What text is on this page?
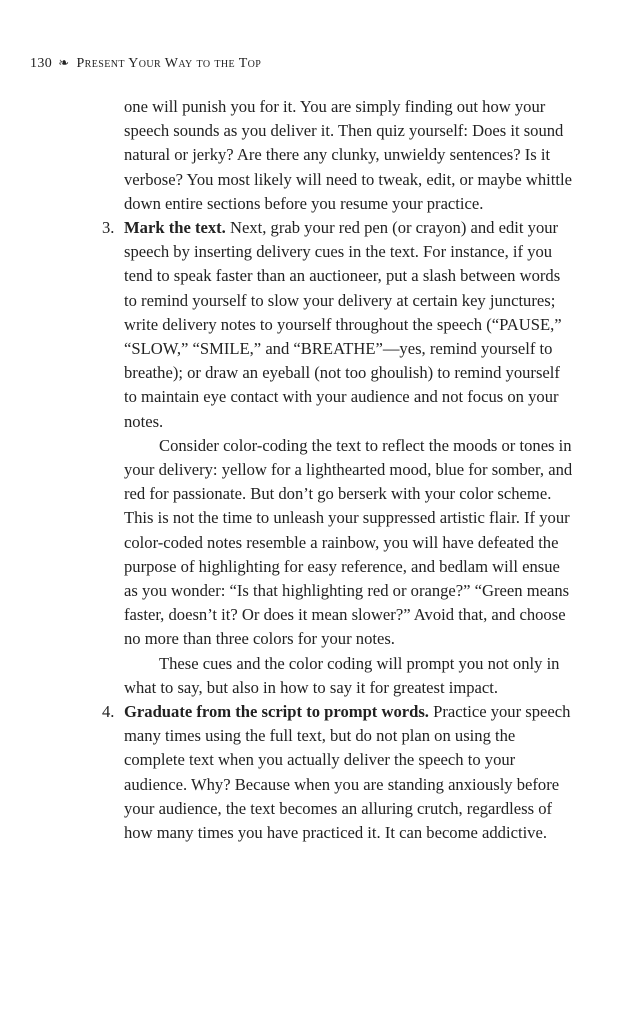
130 ❧ Present Your Way to the Top

one will punish you for it. You are simply finding out how your speech sounds as you deliver it. Then quiz yourself: Does it sound natural or jerky? Are there any clunky, unwieldy sentences? Is it verbose? You most likely will need to tweak, edit, or maybe whittle down entire sections before you resume your practice.

3. Mark the text. Next, grab your red pen (or crayon) and edit your speech by inserting delivery cues in the text. For instance, if you tend to speak faster than an auctioneer, put a slash between words to remind yourself to slow your delivery at certain key junctures; write delivery notes to yourself throughout the speech (“PAUSE,” “SLOW,” “SMILE,” and “BREATHE”—yes, remind yourself to breathe); or draw an eyeball (not too ghoulish) to remind yourself to maintain eye contact with your audience and not focus on your notes.

Consider color-coding the text to reflect the moods or tones in your delivery: yellow for a lighthearted mood, blue for somber, and red for passionate. But don’t go berserk with your color scheme. This is not the time to unleash your suppressed artistic flair. If your color-coded notes resemble a rainbow, you will have defeated the purpose of highlighting for easy reference, and bedlam will ensue as you wonder: “Is that highlighting red or orange?” “Green means faster, doesn’t it? Or does it mean slower?” Avoid that, and choose no more than three colors for your notes.

These cues and the color coding will prompt you not only in what to say, but also in how to say it for greatest impact.

4. Graduate from the script to prompt words. Practice your speech many times using the full text, but do not plan on using the complete text when you actually deliver the speech to your audience. Why? Because when you are standing anxiously before your audience, the text becomes an alluring crutch, regardless of how many times you have practiced it. It can become addictive.
